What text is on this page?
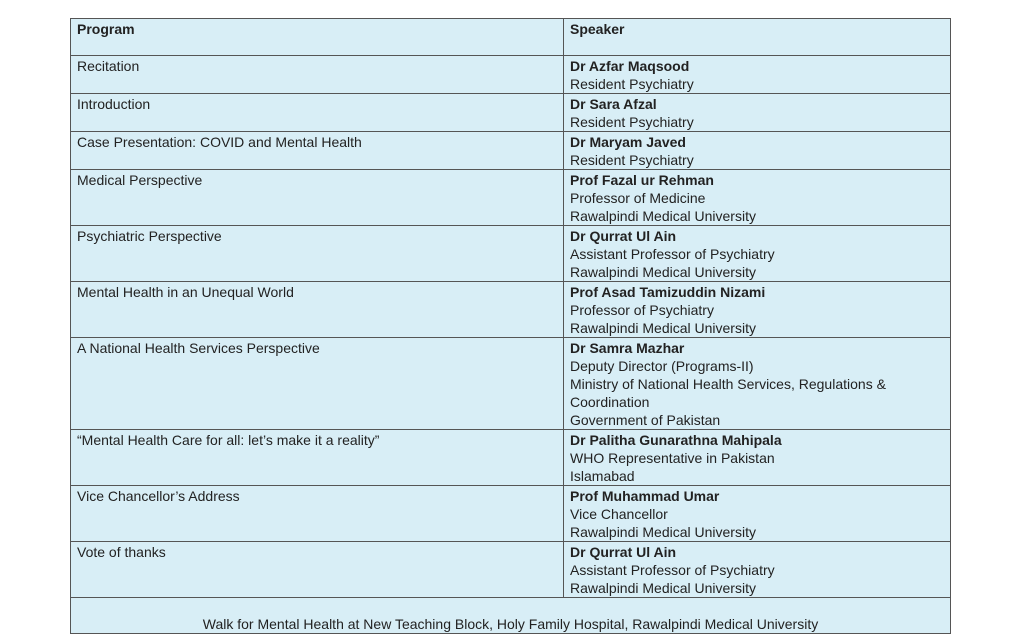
Program	Speaker
Recitation	Dr Azfar Maqsood
Resident Psychiatry

Introduction	Dr Sara Afzal
Resident Psychiatry

Case Presentation: COVID and Mental Health	Dr Maryam Javed
Resident Psychiatry

Medical Perspective	Prof Fazal ur Rehman
Professor of Medicine
Rawalpindi Medical University

Psychiatric Perspective	Dr Qurrat Ul Ain
Assistant Professor of Psychiatry
Rawalpindi Medical University

Mental Health in an Unequal World	Prof Asad Tamizuddin Nizami
Professor of Psychiatry
Rawalpindi Medical University

A National Health Services Perspective	Dr Samra Mazhar
Deputy Director (Programs-II)
Ministry of National Health Services, Regulations &
Coordination
Government of Pakistan

“Mental Health Care for all: let’s make it a reality”	Dr Palitha Gunarathna Mahipala
WHO Representative in Pakistan
Islamabad

Vice Chancellor’s Address	Prof Muhammad Umar
Vice Chancellor
Rawalpindi Medical University

Vote of thanks	Dr Qurrat Ul Ain
Assistant Professor of Psychiatry
Rawalpindi Medical University

Walk for Mental Health at New Teaching Block, Holy Family Hospital, Rawalpindi Medical University	
